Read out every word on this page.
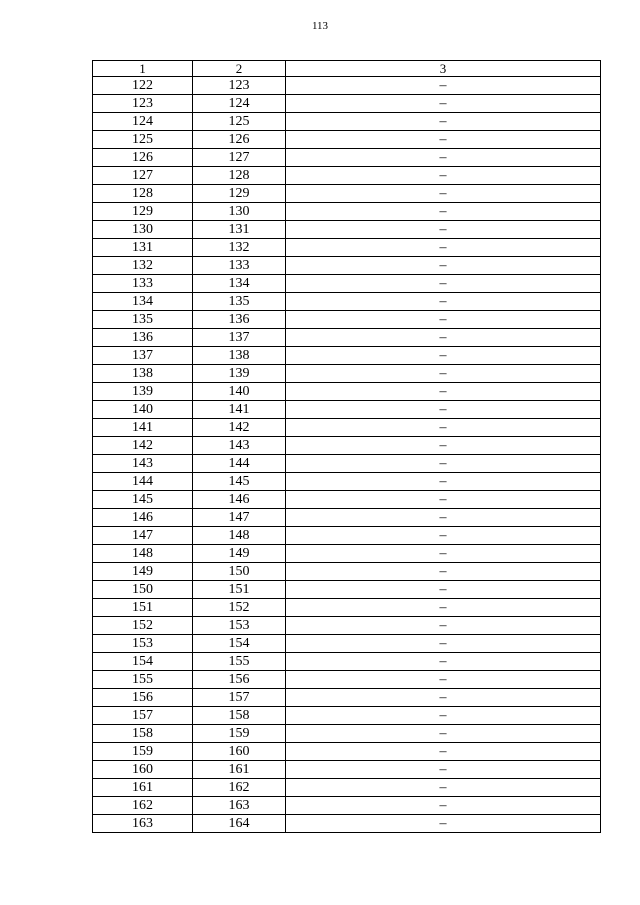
113
1	2	3
122	123	–
123	124	–
124	125	–
125	126	–
126	127	–
127	128	–
128	129	–
129	130	–
130	131	–
131	132	–
132	133	–
133	134	–
134	135	–
135	136	–
136	137	–
137	138	–
138	139	–
139	140	–
140	141	–
141	142	–
142	143	–
143	144	–
144	145	–
145	146	–
146	147	–
147	148	–
148	149	–
149	150	–
150	151	–
151	152	–
152	153	–
153	154	–
154	155	–
155	156	–
156	157	–
157	158	–
158	159	–
159	160	–
160	161	–
161	162	–
162	163	–
163	164	–
